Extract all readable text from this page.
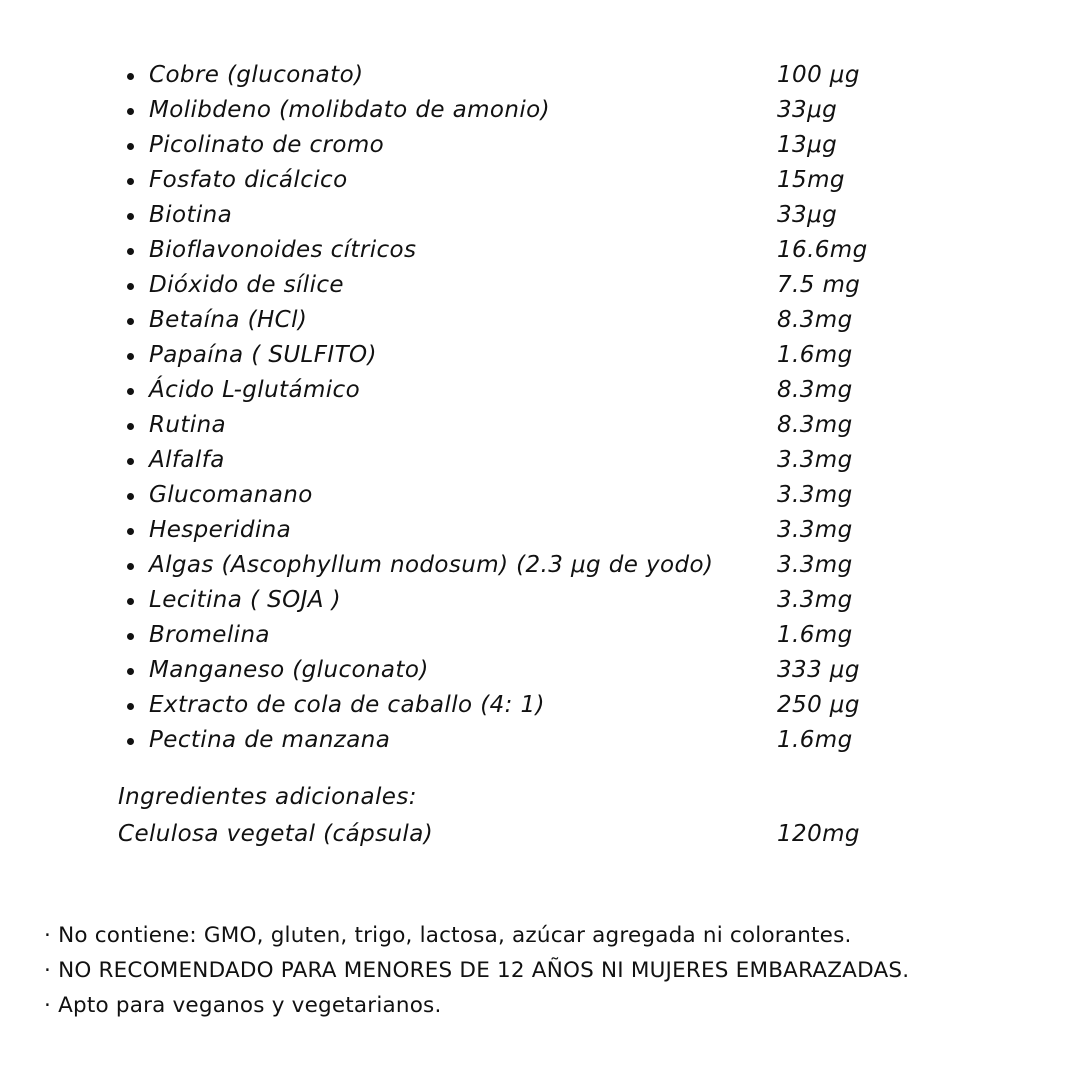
Cobre (gluconato)	100 μg
Molibdeno (molibdato de amonio)	33μg
Picolinato de cromo	13μg
Fosfato dicálcico	15mg
Biotina	33μg
Bioflavonoides cítricos	16.6mg
Dióxido de sílice	7.5 mg
Betaína (HCl)	8.3mg
Papaína ( SULFITO)	1.6mg
Ácido L-glutámico	8.3mg
Rutina	8.3mg
Alfalfa	3.3mg
Glucomanano	3.3mg
Hesperidina	3.3mg
Algas (Ascophyllum nodosum) (2.3 μg de yodo)	3.3mg
Lecitina ( SOJA )	3.3mg
Bromelina	1.6mg
Manganeso (gluconato)	333 μg
Extracto de cola de caballo (4: 1)	250 μg
Pectina de manzana	1.6mg
Ingredientes adicionales:
Celulosa vegetal (cápsula)	120mg
· No contiene: GMO, gluten, trigo, lactosa, azúcar agregada ni colorantes.
· NO RECOMENDADO PARA MENORES DE 12 AÑOS NI MUJERES EMBARAZADAS.
· Apto para veganos y vegetarianos.
